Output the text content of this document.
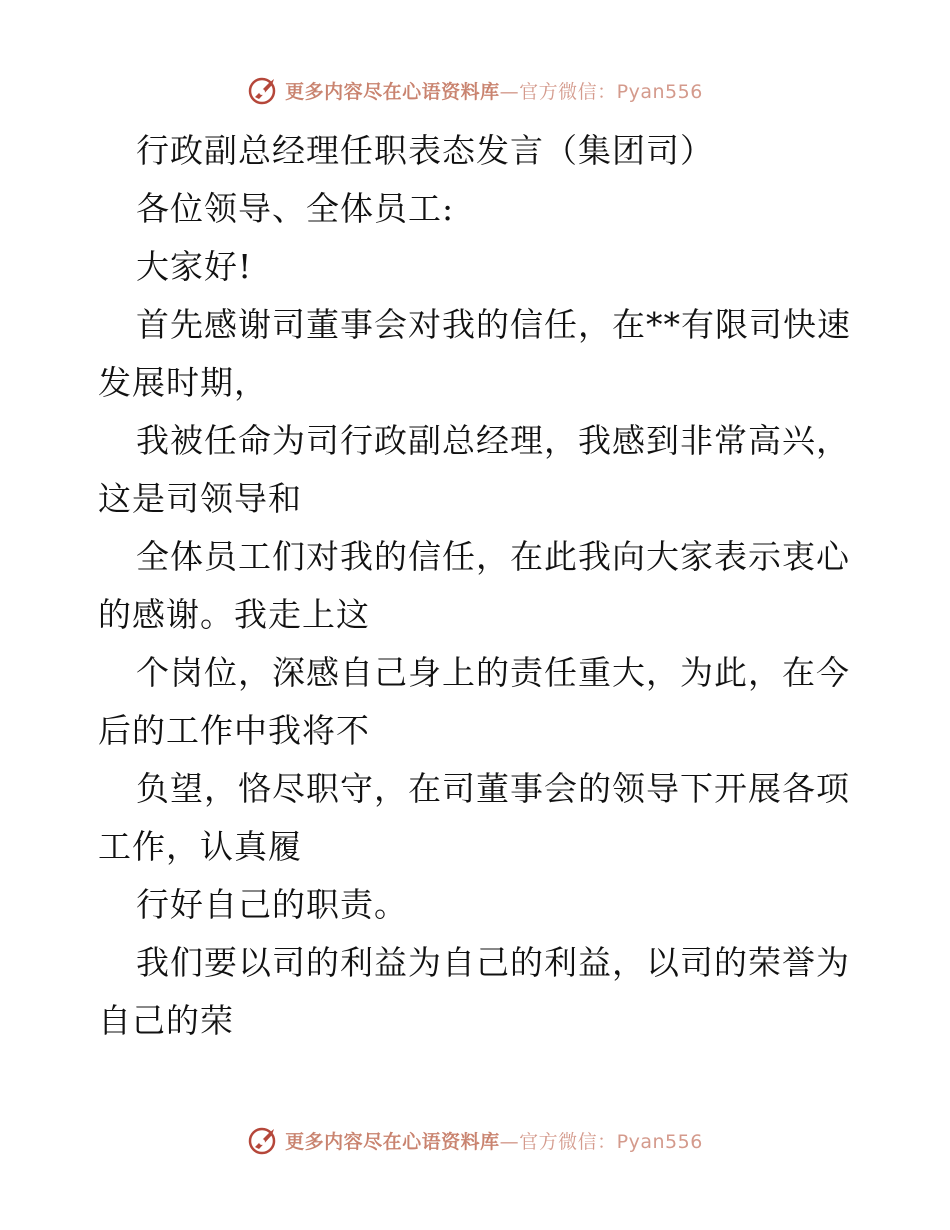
更多内容尽在心语资料库—官方微信：Pyan556
行政副总经理任职表态发言（集团司）
各位领导、全体员工:
大家好!
首先感谢司董事会对我的信任，在**有限司快速
发展时期，
我被任命为司行政副总经理，我感到非常高兴，
这是司领导和
全体员工们对我的信任，在此我向大家表示衷心
的感谢。我走上这
个岗位，深感自己身上的责任重大，为此，在今
后的工作中我将不
负望，恪尽职守，在司董事会的领导下开展各项
工作，认真履
行好自己的职责。
我们要以司的利益为自己的利益，以司的荣誉为
自己的荣
更多内容尽在心语资料库—官方微信：Pyan556
